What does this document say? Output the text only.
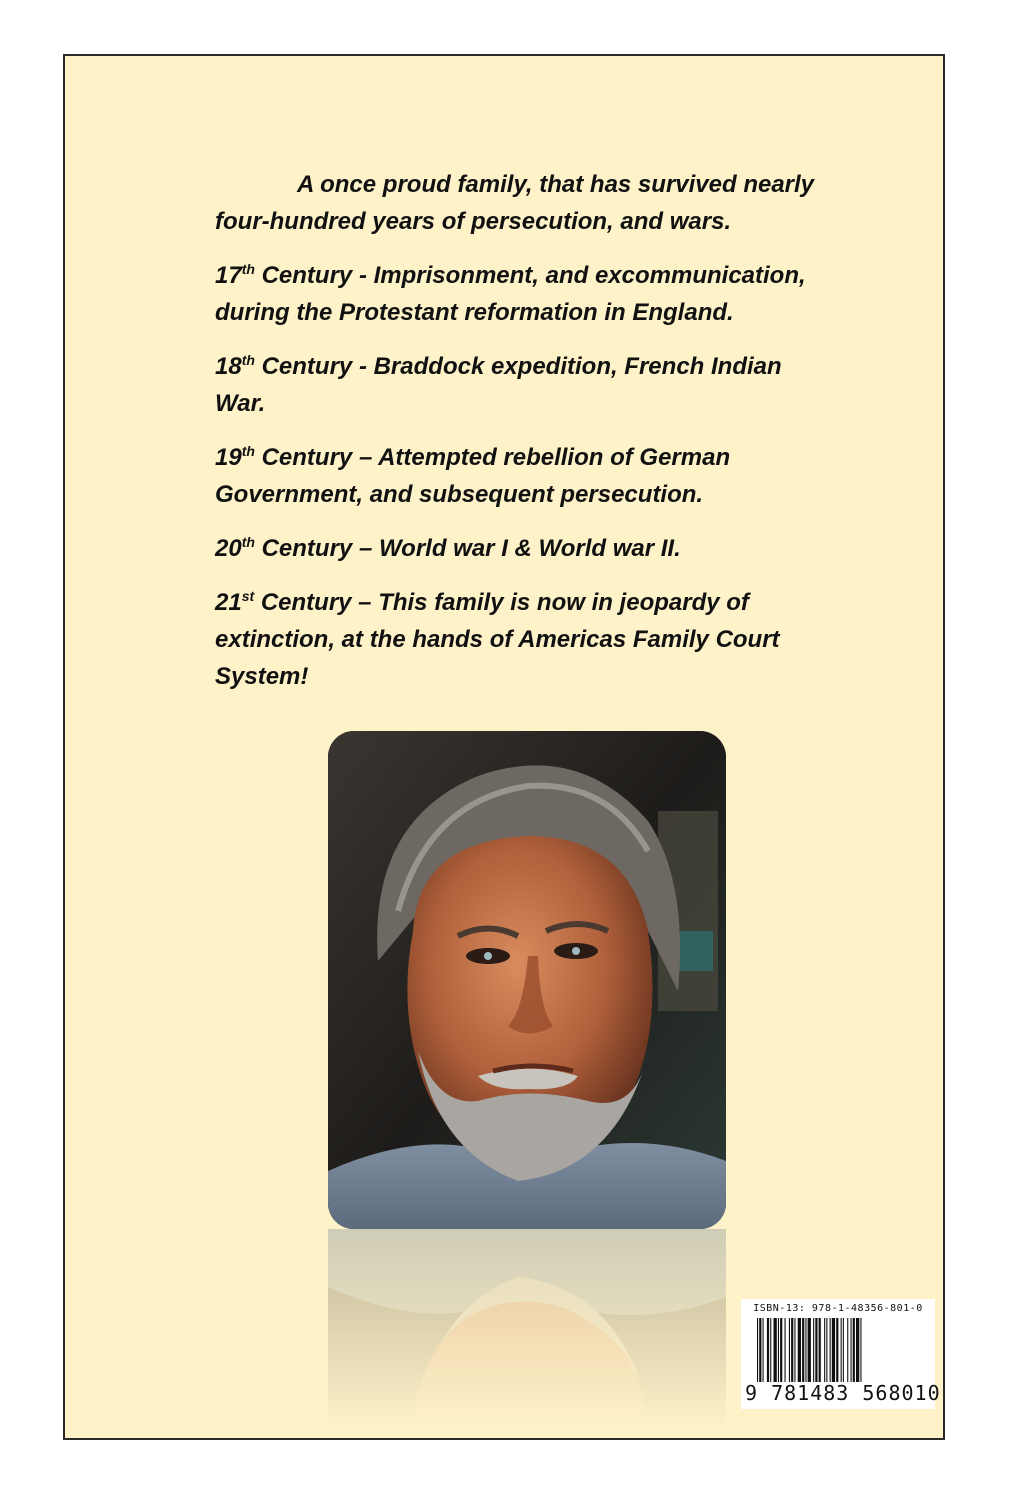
A once proud family, that has survived nearly four-hundred years of persecution, and wars.

17th Century - Imprisonment, and excommunication, during the Protestant reformation in England.

18th Century - Braddock expedition, French Indian War.

19th Century – Attempted rebellion of German Government, and subsequent persecution.

20th Century – World war I & World war II.

21st Century – This family is now in jeopardy of extinction, at the hands of Americas Family Court System!

ISBN-13: 978-1-48356-801-0
9 781483 568010
